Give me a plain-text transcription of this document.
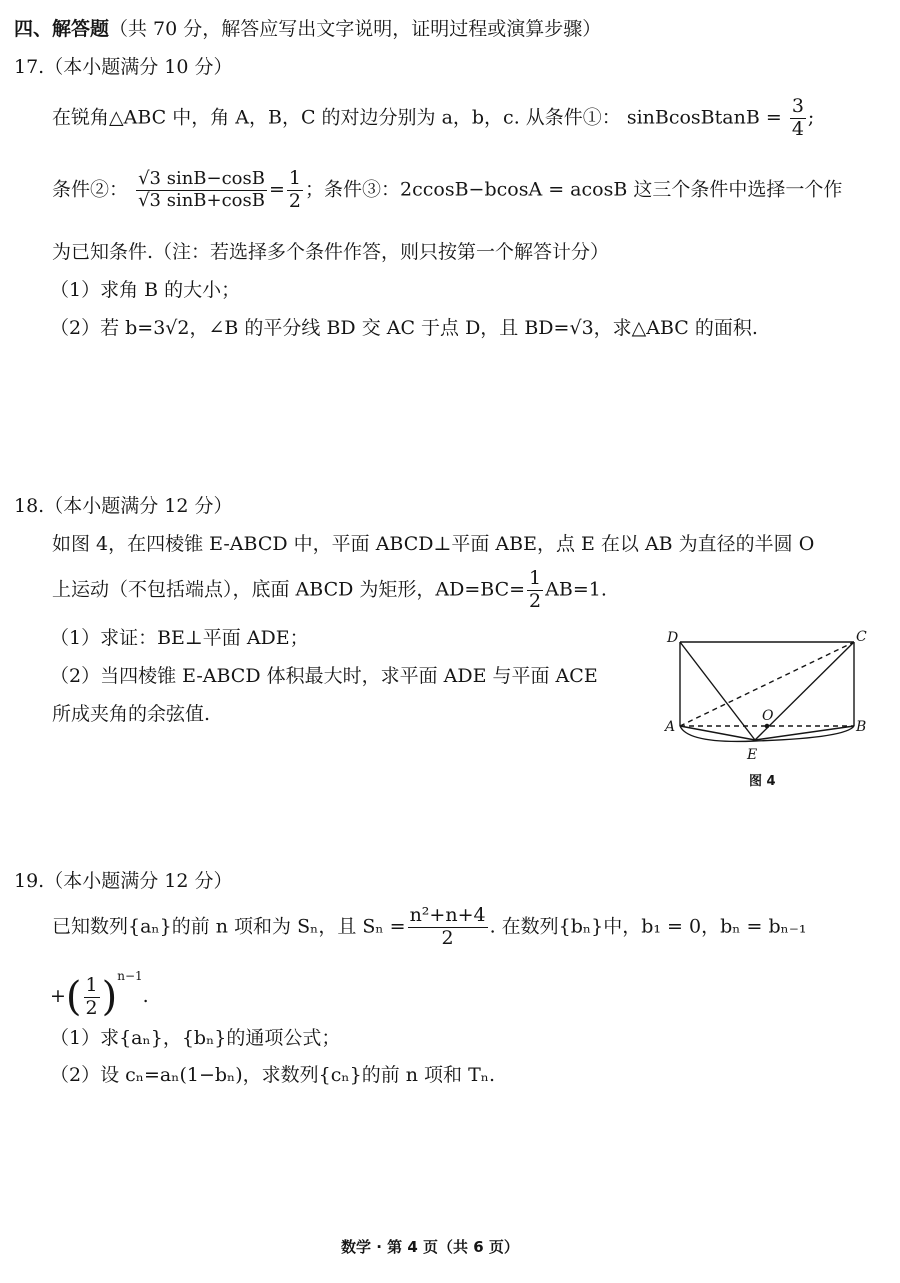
四、解答题（共 70 分，解答应写出文字说明，证明过程或演算步骤）
17.（本小题满分 10 分）
在锐角△ABC 中，角 A，B，C 的对边分别为 a，b，c. 从条件①： sinBcosBtanB = $\frac{3}{4}$ ;
条件②： $\frac{√3 \sin B-\cos B}{√3 \sin B+\cos B} = \frac{1}{2}$ ；条件③：2ccosB−bcosA = acosB 这三个条件中选择一个作
为已知条件.（注：若选择多个条件作答，则只按第一个解答计分）
（1）求角 B 的大小；
（2）若 b=3√2，∠B 的平分线 BD 交 AC 于点 D，且 BD=√3，求△ABC 的面积.
18.（本小题满分 12 分）
如图 4，在四棱锥 E-ABCD 中，平面 ABCD⊥平面 ABE，点 E 在以 AB 为直径的半圆 O
上运动（不包括端点），底面 ABCD 为矩形，$AD=BC= \frac{1}{2} AB=1$.
（1）求证：BE⊥平面 ADE；
（2）当四棱锥 E-ABCD 体积最大时，求平面 ADE 与平面 ACE
所成夹角的余弦值.
D	C
A	B
O
E
图 4
19.（本小题满分 12 分）
已知数列{aₙ}的前 n 项和为 Sₙ，且 $S_n = \frac{\text{n²+n+4}}{2}$ . 在数列{bₙ}中，b₁ = 0，bₙ = bₙ₋₁
+( $\frac{1}{2} )^{n-1}$.
（1）求{aₙ}，{bₙ}的通项公式；
（2）设 cₙ=aₙ(1−bₙ)，求数列{cₙ}的前 n 项和 Tₙ.
数学 · 第 4 页（共 6 页）
